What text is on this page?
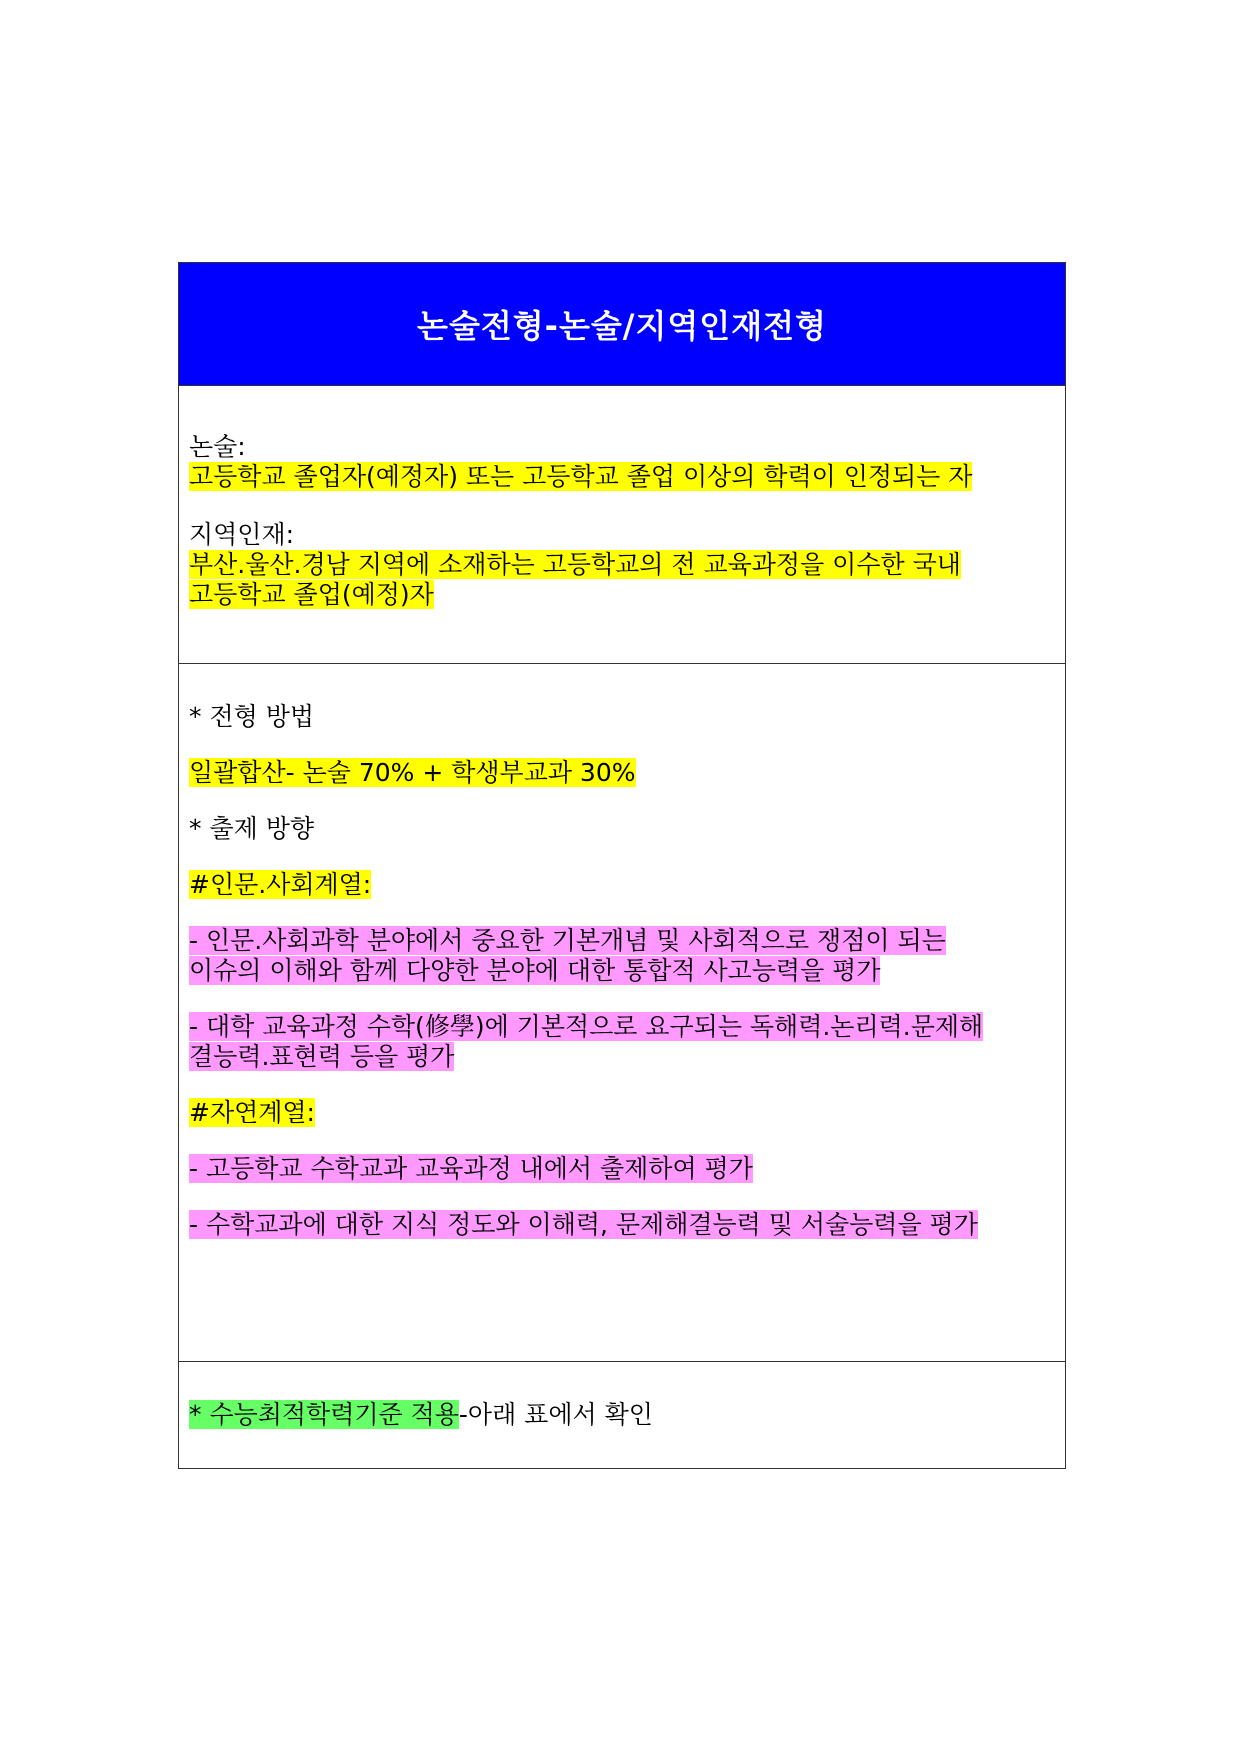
논술전형-논술/지역인재전형

논술:

고등학교 졸업자(예정자) 또는 고등학교 졸업 이상의 학력이 인정되는 자

지역인재:

부산.울산.경남 지역에 소재하는 고등학교의 전 교육과정을 이수한 국내

고등학교 졸업(예정)자

* 전형 방법

일괄합산- 논술 70% + 학생부교과 30%

* 출제 방향

#인문.사회계열:

- 인문.사회과학 분야에서 중요한 기본개념 및 사회적으로 쟁점이 되는

이슈의 이해와 함께 다양한 분야에 대한 통합적 사고능력을 평가

- 대학 교육과정 수학(修學)에 기본적으로 요구되는 독해력.논리력.문제해

결능력.표현력 등을 평가

#자연계열:

- 고등학교 수학교과 교육과정 내에서 출제하여 평가

- 수학교과에 대한 지식 정도와 이해력, 문제해결능력 및 서술능력을 평가

* 수능최적학력기준 적용-아래 표에서 확인
